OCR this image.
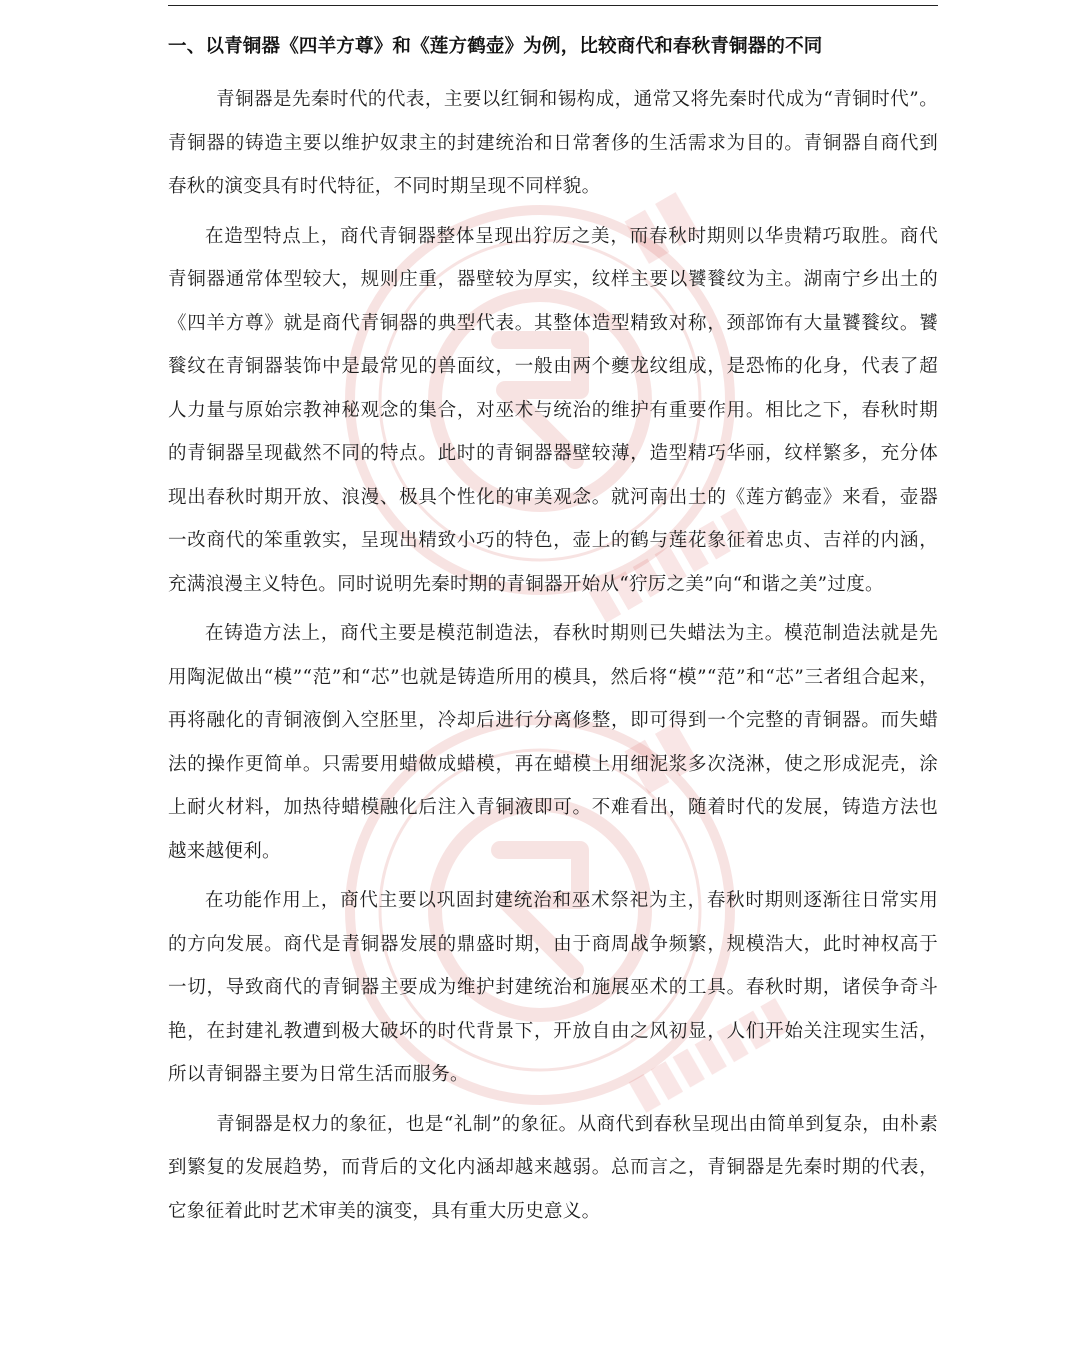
▮▮
▮▮▮▮▮▮▮
▮▮
▮▮▮▮▮▮▮
一、以青铜器《四羊方尊》和《莲方鹤壶》为例，比较商代和春秋青铜器的不同

青铜器是先秦时代的代表，主要以红铜和锡构成，通常又将先秦时代成为“青铜时代”。青铜器的铸造主要以维护奴隶主的封建统治和日常奢侈的生活需求为目的。青铜器自商代到春秋的演变具有时代特征，不同时期呈现不同样貌。

在造型特点上，商代青铜器整体呈现出狞厉之美，而春秋时期则以华贵精巧取胜。商代青铜器通常体型较大，规则庄重，器壁较为厚实，纹样主要以饕餮纹为主。湖南宁乡出土的《四羊方尊》就是商代青铜器的典型代表。其整体造型精致对称，颈部饰有大量饕餮纹。饕餮纹在青铜器装饰中是最常见的兽面纹，一般由两个夔龙纹组成，是恐怖的化身，代表了超人力量与原始宗教神秘观念的集合，对巫术与统治的维护有重要作用。相比之下，春秋时期的青铜器呈现截然不同的特点。此时的青铜器器壁较薄，造型精巧华丽，纹样繁多，充分体现出春秋时期开放、浪漫、极具个性化的审美观念。就河南出土的《莲方鹤壶》来看，壶器一改商代的笨重敦实，呈现出精致小巧的特色，壶上的鹤与莲花象征着忠贞、吉祥的内涵，充满浪漫主义特色。同时说明先秦时期的青铜器开始从“狞厉之美”向“和谐之美”过度。

在铸造方法上，商代主要是模范制造法，春秋时期则已失蜡法为主。模范制造法就是先用陶泥做出“模”“范”和“芯”也就是铸造所用的模具，然后将“模”“范”和“芯”三者组合起来，再将融化的青铜液倒入空胚里，冷却后进行分离修整，即可得到一个完整的青铜器。而失蜡法的操作更简单。只需要用蜡做成蜡模，再在蜡模上用细泥浆多次浇淋，使之形成泥壳，涂上耐火材料，加热待蜡模融化后注入青铜液即可。不难看出，随着时代的发展，铸造方法也越来越便利。

在功能作用上，商代主要以巩固封建统治和巫术祭祀为主，春秋时期则逐渐往日常实用的方向发展。商代是青铜器发展的鼎盛时期，由于商周战争频繁，规模浩大，此时神权高于一切，导致商代的青铜器主要成为维护封建统治和施展巫术的工具。春秋时期，诸侯争奇斗艳，在封建礼教遭到极大破坏的时代背景下，开放自由之风初显，人们开始关注现实生活，所以青铜器主要为日常生活而服务。

青铜器是权力的象征，也是“礼制”的象征。从商代到春秋呈现出由简单到复杂，由朴素到繁复的发展趋势，而背后的文化内涵却越来越弱。总而言之，青铜器是先秦时期的代表，它象征着此时艺术审美的演变，具有重大历史意义。
